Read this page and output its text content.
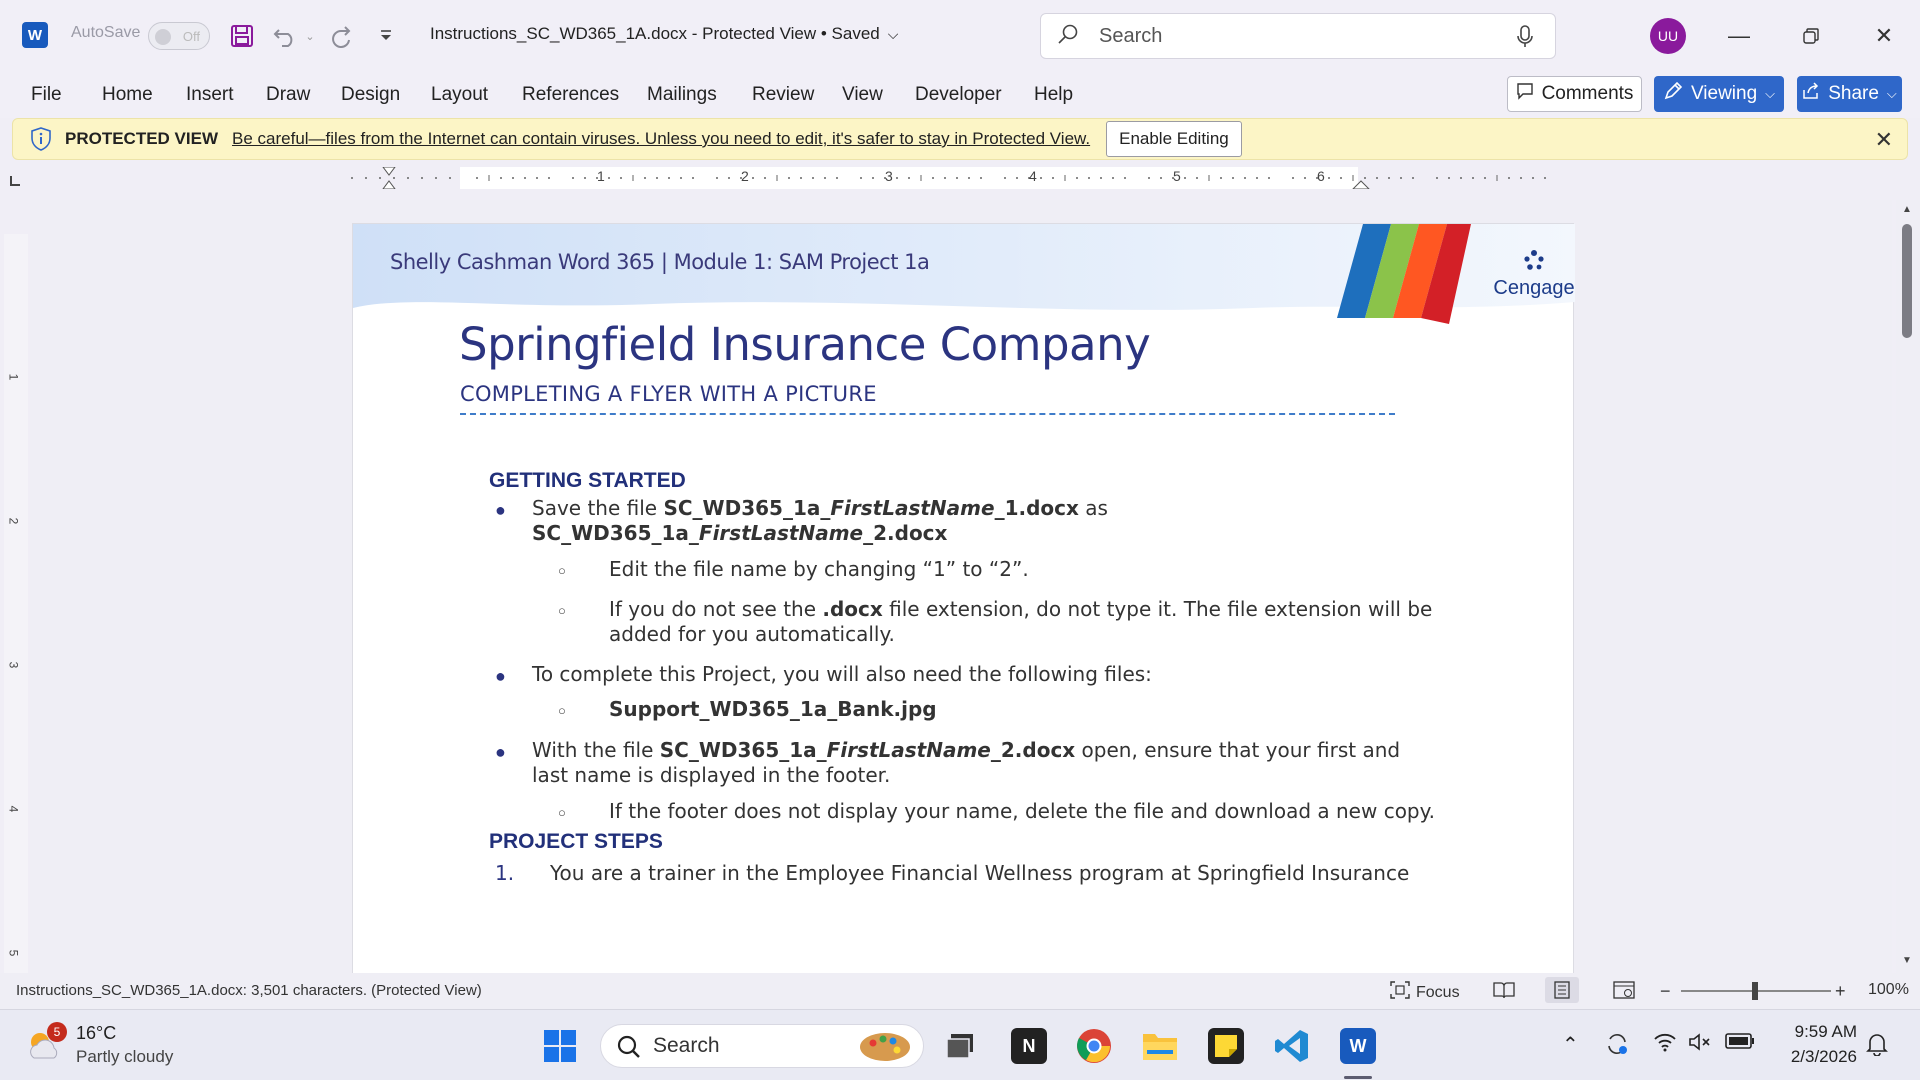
W	AutoSave	Off	⌄	Instructions_SC_WD365_1A.docx - Protected View • Saved ⌵	Search	UU	—	✕
File Home Insert Draw Design Layout References Mailings Review View Developer Help	Comments	Viewing ⌵	Share ⌵
PROTECTED VIEW Be careful—files from the Internet can contain viruses. Unless you need to edit, it's safer to stay in Protected View.	Enable Editing	✕
1	2	3	4	5	6
1
2
3
4
5
Shelly Cashman Word 365 | Module 1: SAM Project 1a
Cengage
Springfield Insurance Company
COMPLETING A FLYER WITH A PICTURE
GETTING STARTED
● Save the file SC_WD365_1a_FirstLastName_1.docx as
SC_WD365_1a_FirstLastName_2.docx
○ Edit the file name by changing “1” to “2”.
○ If you do not see the .docx file extension, do not type it. The file extension will be
added for you automatically.
● To complete this Project, you will also need the following files:
○ Support_WD365_1a_Bank.jpg
● With the file SC_WD365_1a_FirstLastName_2.docx open, ensure that your first and
last name is displayed in the footer.
○ If the footer does not display your name, delete the file and download a new copy.
PROJECT STEPS
1. You are a trainer in the Employee Financial Wellness program at Springfield Insurance
▲
▼
Instructions_SC_WD365_1A.docx: 3,501 characters. (Protected View)	Focus	−	+ 100%
5 16°C
Partly cloudy	Search	N	W	⌃
9:59 AM
2/3/2026
